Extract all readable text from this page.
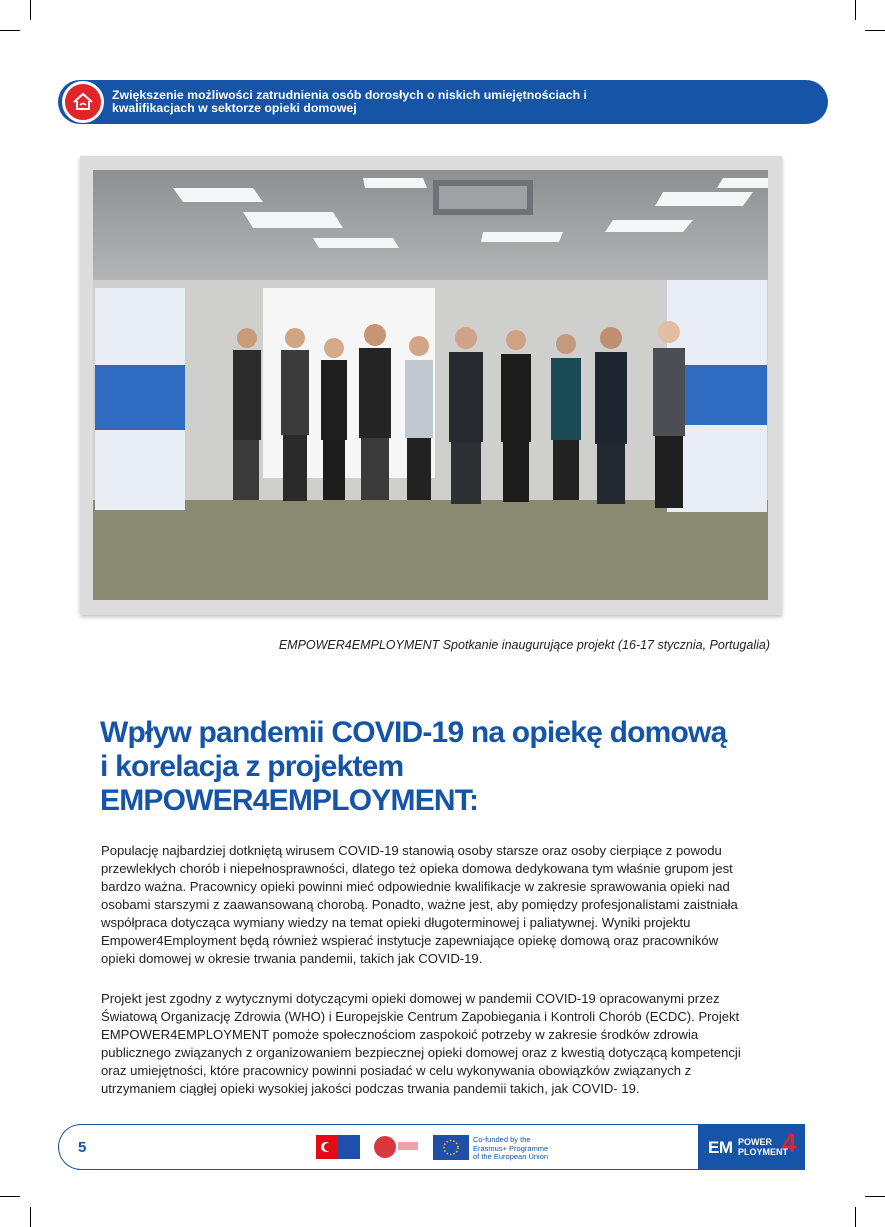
Zwiększenie możliwości zatrudnienia osób dorosłych o niskich umiejętnościach i kwalifikacjach w sektorze opieki domowej
EMPOWER4EMPLOYMENT Spotkanie inaugurujące projekt (16-17 stycznia, Portugalia)
Wpływ pandemii COVID-19 na opiekę domową i korelacja z projektem EMPOWER4EMPLOYMENT:

Populację najbardziej dotkniętą wirusem COVID-19 stanowią osoby starsze oraz osoby cierpiące z powodu przewlekłych chorób i niepełnosprawności, dlatego też opieka domowa dedykowana tym właśnie grupom jest bardzo ważna. Pracownicy opieki powinni mieć odpowiednie kwalifikacje w zakresie sprawowania opieki nad osobami starszymi z zaawansowaną chorobą. Ponadto, ważne jest, aby pomiędzy profesjonalistami zaistniała współpraca dotycząca wymiany wiedzy na temat opieki długoterminowej i paliatywnej. Wyniki projektu Empower4Employment będą również wspierać instytucje zapewniające opiekę domową oraz pracowników opieki domowej w okresie trwania pandemii, takich jak COVID-19.

Projekt jest zgodny z wytycznymi dotyczącymi opieki domowej w pandemii COVID-19 opracowanymi przez Światową Organizację Zdrowia (WHO) i Europejskie Centrum Zapobiegania i Kontroli Chorób (ECDC). Projekt EMPOWER4EMPLOYMENT pomoże społecznościom zaspokoić potrzeby w zakresie środków zdrowia publicznego związanych z organizowaniem bezpiecznej opieki domowej oraz z kwestią dotyczącą kompetencji oraz umiejętności, które pracownicy powinni posiadać w celu wykonywania obowiązków związanych z utrzymaniem ciągłej opieki wysokiej jakości podczas trwania pandemii takich, jak COVID- 19.

5	Co-funded by the
Erasmus+ Programme
of the European Union	EM POWER
PLOYMENT
4
